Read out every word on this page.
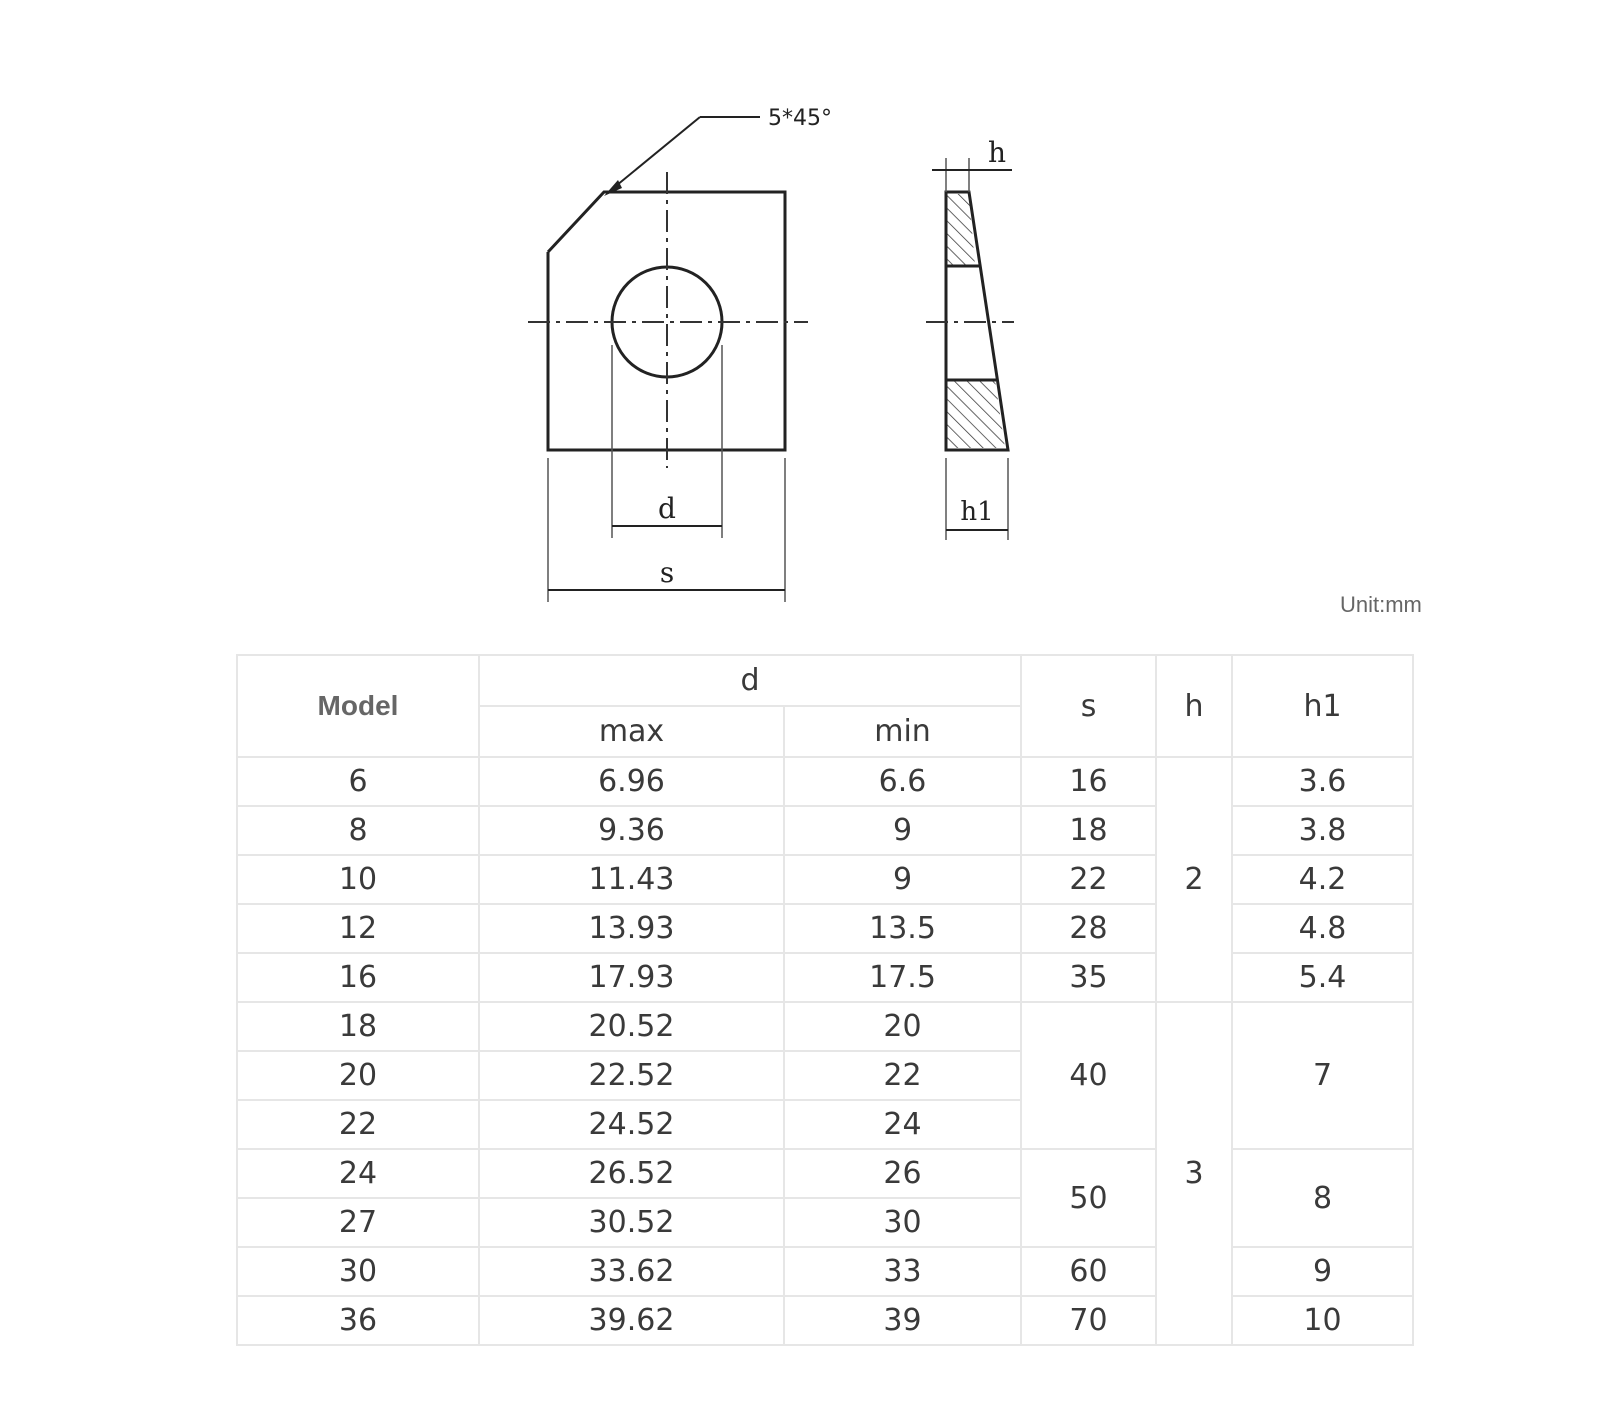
5*45°
d
s
h
h1
Unit:mm
Model	d		s	h	h1
	max	min			
6	6.96	6.6	16	2	3.6
8	9.36	9	18		3.8
10	11.43	9	22		4.2
12	13.93	13.5	28		4.8
16	17.93	17.5	35		5.4
18	20.52	20	40	3	7
20	22.52	22			
22	24.52	24			
24	26.52	26	50		8
27	30.52	30			
30	33.62	33	60		9
36	39.62	39	70		10
